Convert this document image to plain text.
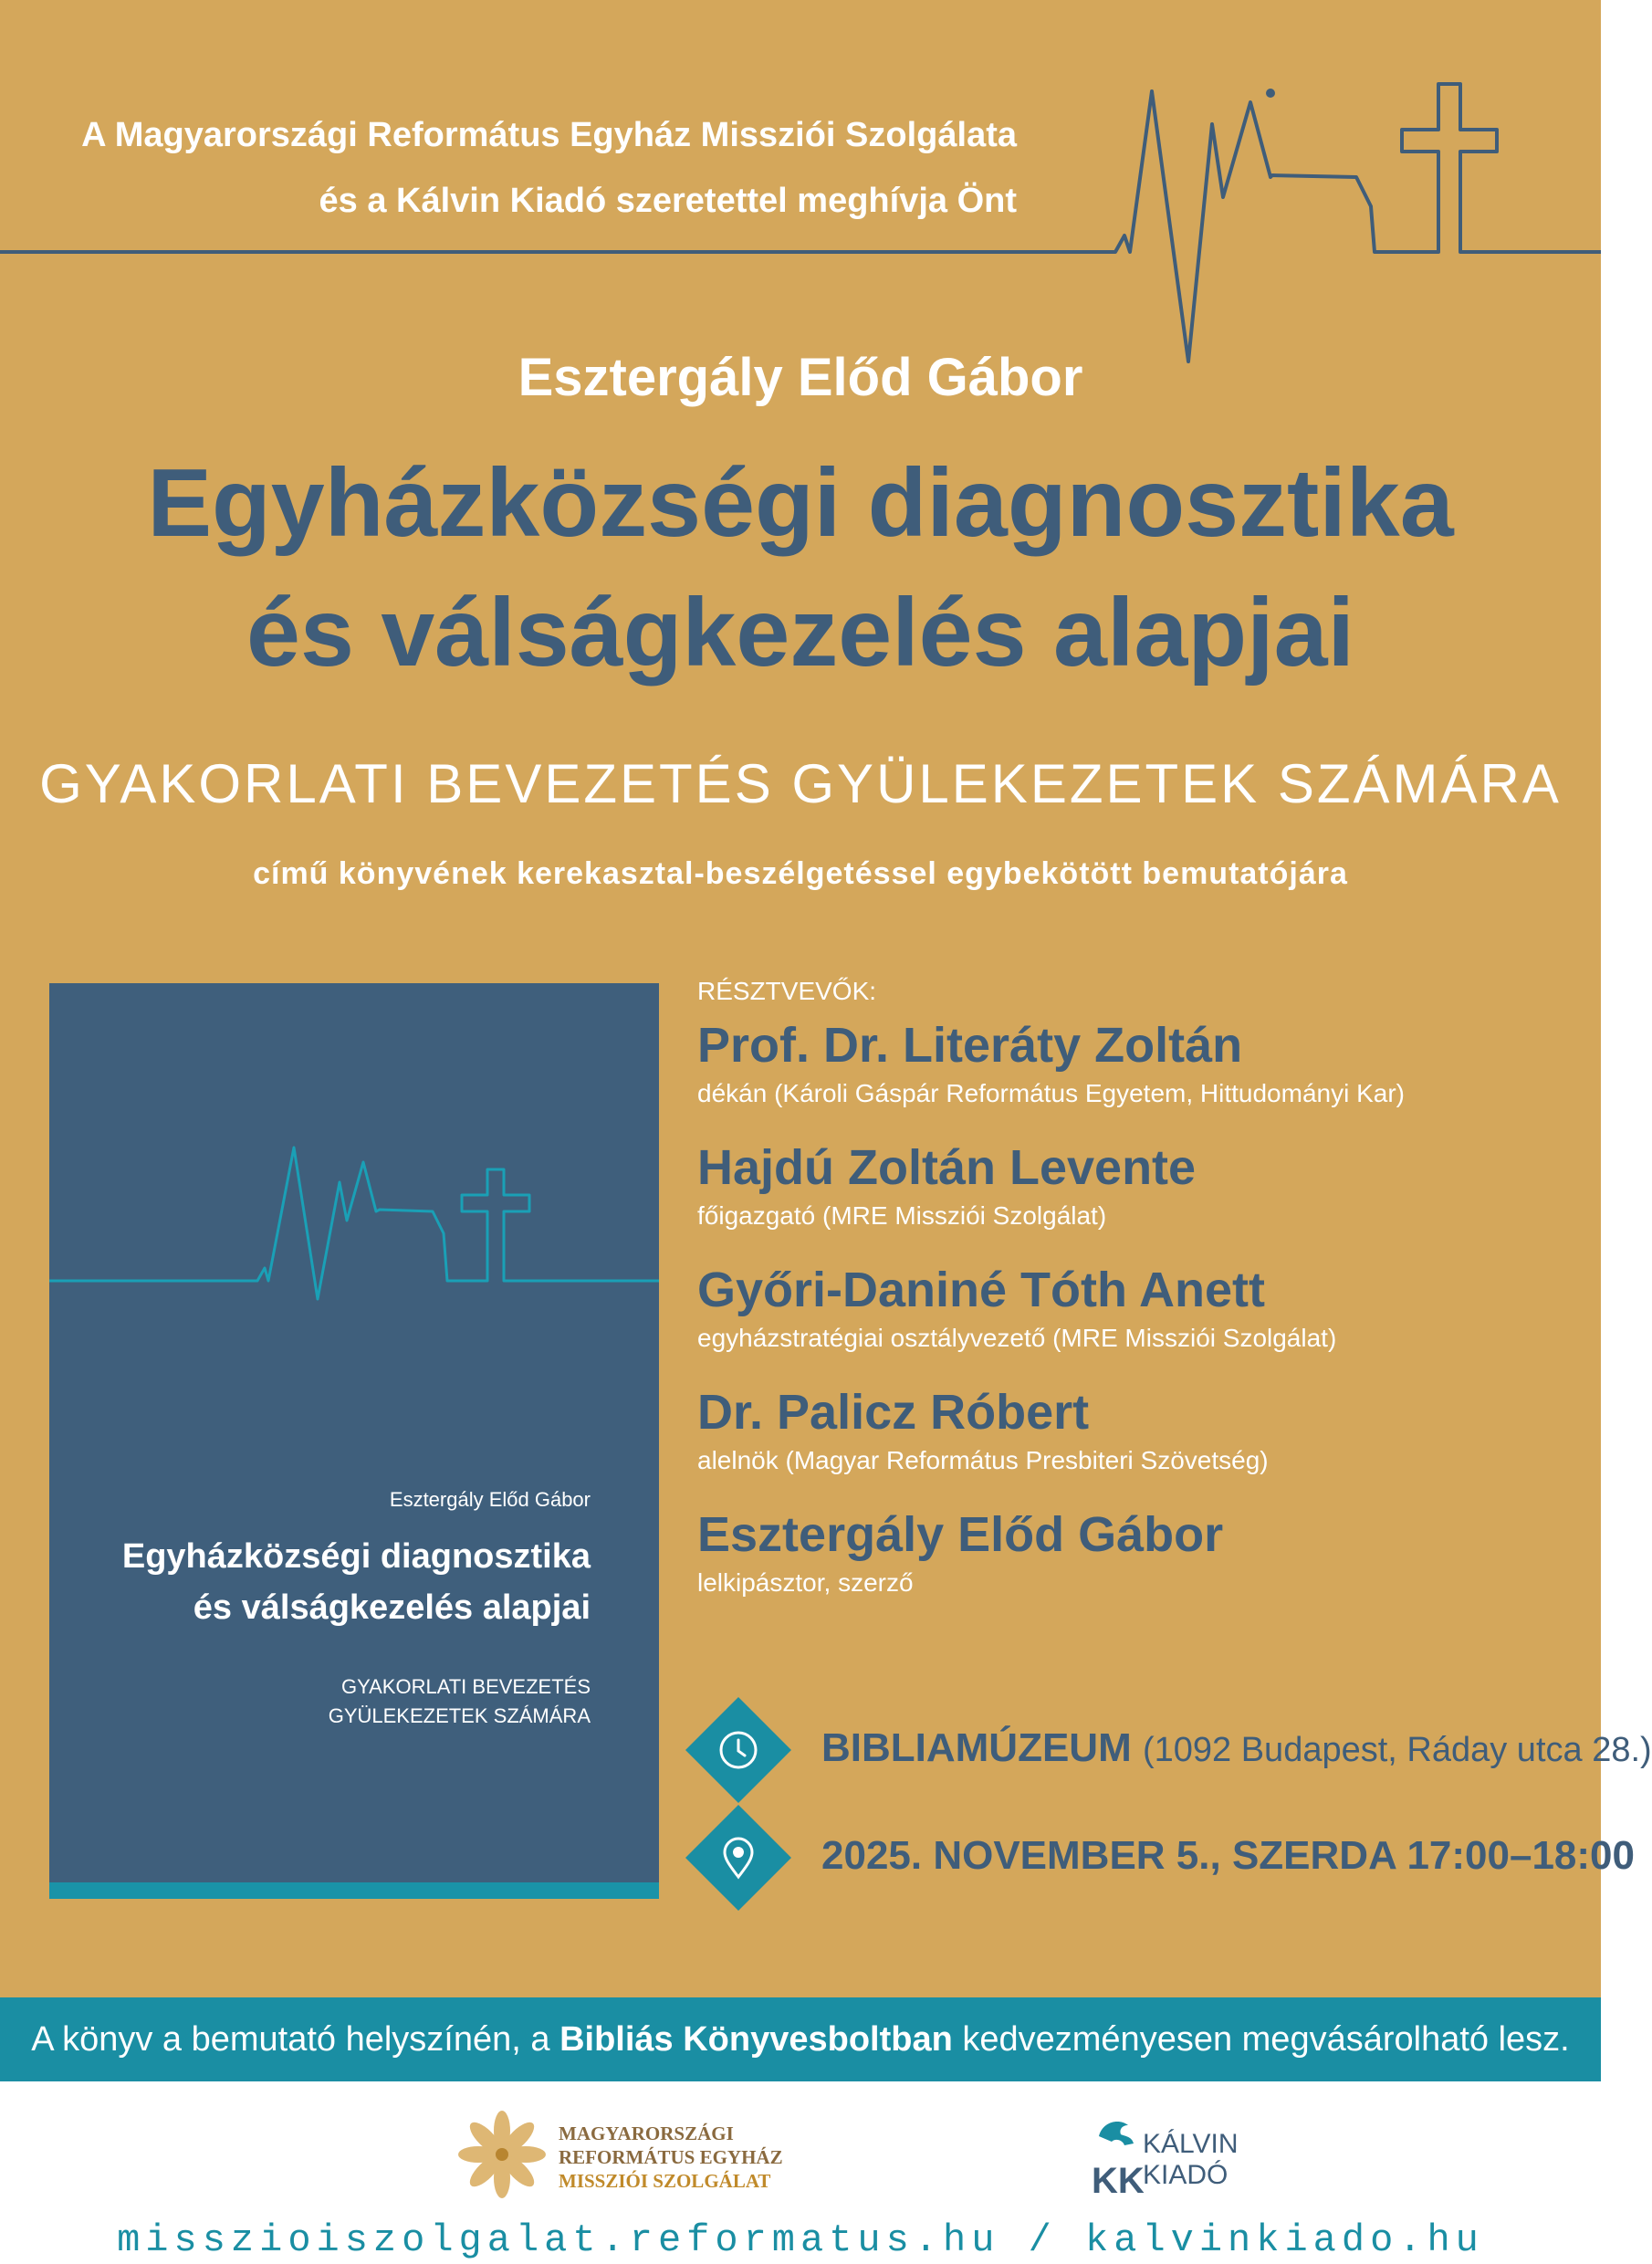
A Magyarországi Református Egyház Missziói Szolgálata
és a Kálvin Kiadó szeretettel meghívja Önt
Esztergály Előd Gábor
Egyházközségi diagnosztika
és válságkezelés alapjai
GYAKORLATI BEVEZETÉS GYÜLEKEZETEK SZÁMÁRA
című könyvének kerekasztal-beszélgetéssel egybekötött bemutatójára
Esztergály Előd Gábor
Egyházközségi diagnosztika
és válságkezelés alapjai
GYAKORLATI BEVEZETÉS
GYÜLEKEZETEK SZÁMÁRA
RÉSZTVEVŐK:
Prof. Dr. Literáty Zoltán
dékán (Károli Gáspár Református Egyetem, Hittudományi Kar)
Hajdú Zoltán Levente
főigazgató (MRE Missziói Szolgálat)
Győri-Daniné Tóth Anett
egyházstratégiai osztályvezető (MRE Missziói Szolgálat)
Dr. Palicz Róbert
alelnök (Magyar Református Presbiteri Szövetség)
Esztergály Előd Gábor
lelkipásztor, szerző
BIBLIAMÚZEUM (1092 Budapest, Ráday utca 28.)
2025. NOVEMBER 5., SZERDA 17:00–18:00
A könyv a bemutató helyszínén, a Bibliás Könyvesboltban kedvezményesen megvásárolható lesz.
MAGYARORSZÁGI
REFORMÁTUS EGYHÁZ
MISSZIÓI SZOLGÁLAT	KK
KÁLVIN
KIADÓ
misszioiszolgalat.reformatus.hu / kalvinkiado.hu
